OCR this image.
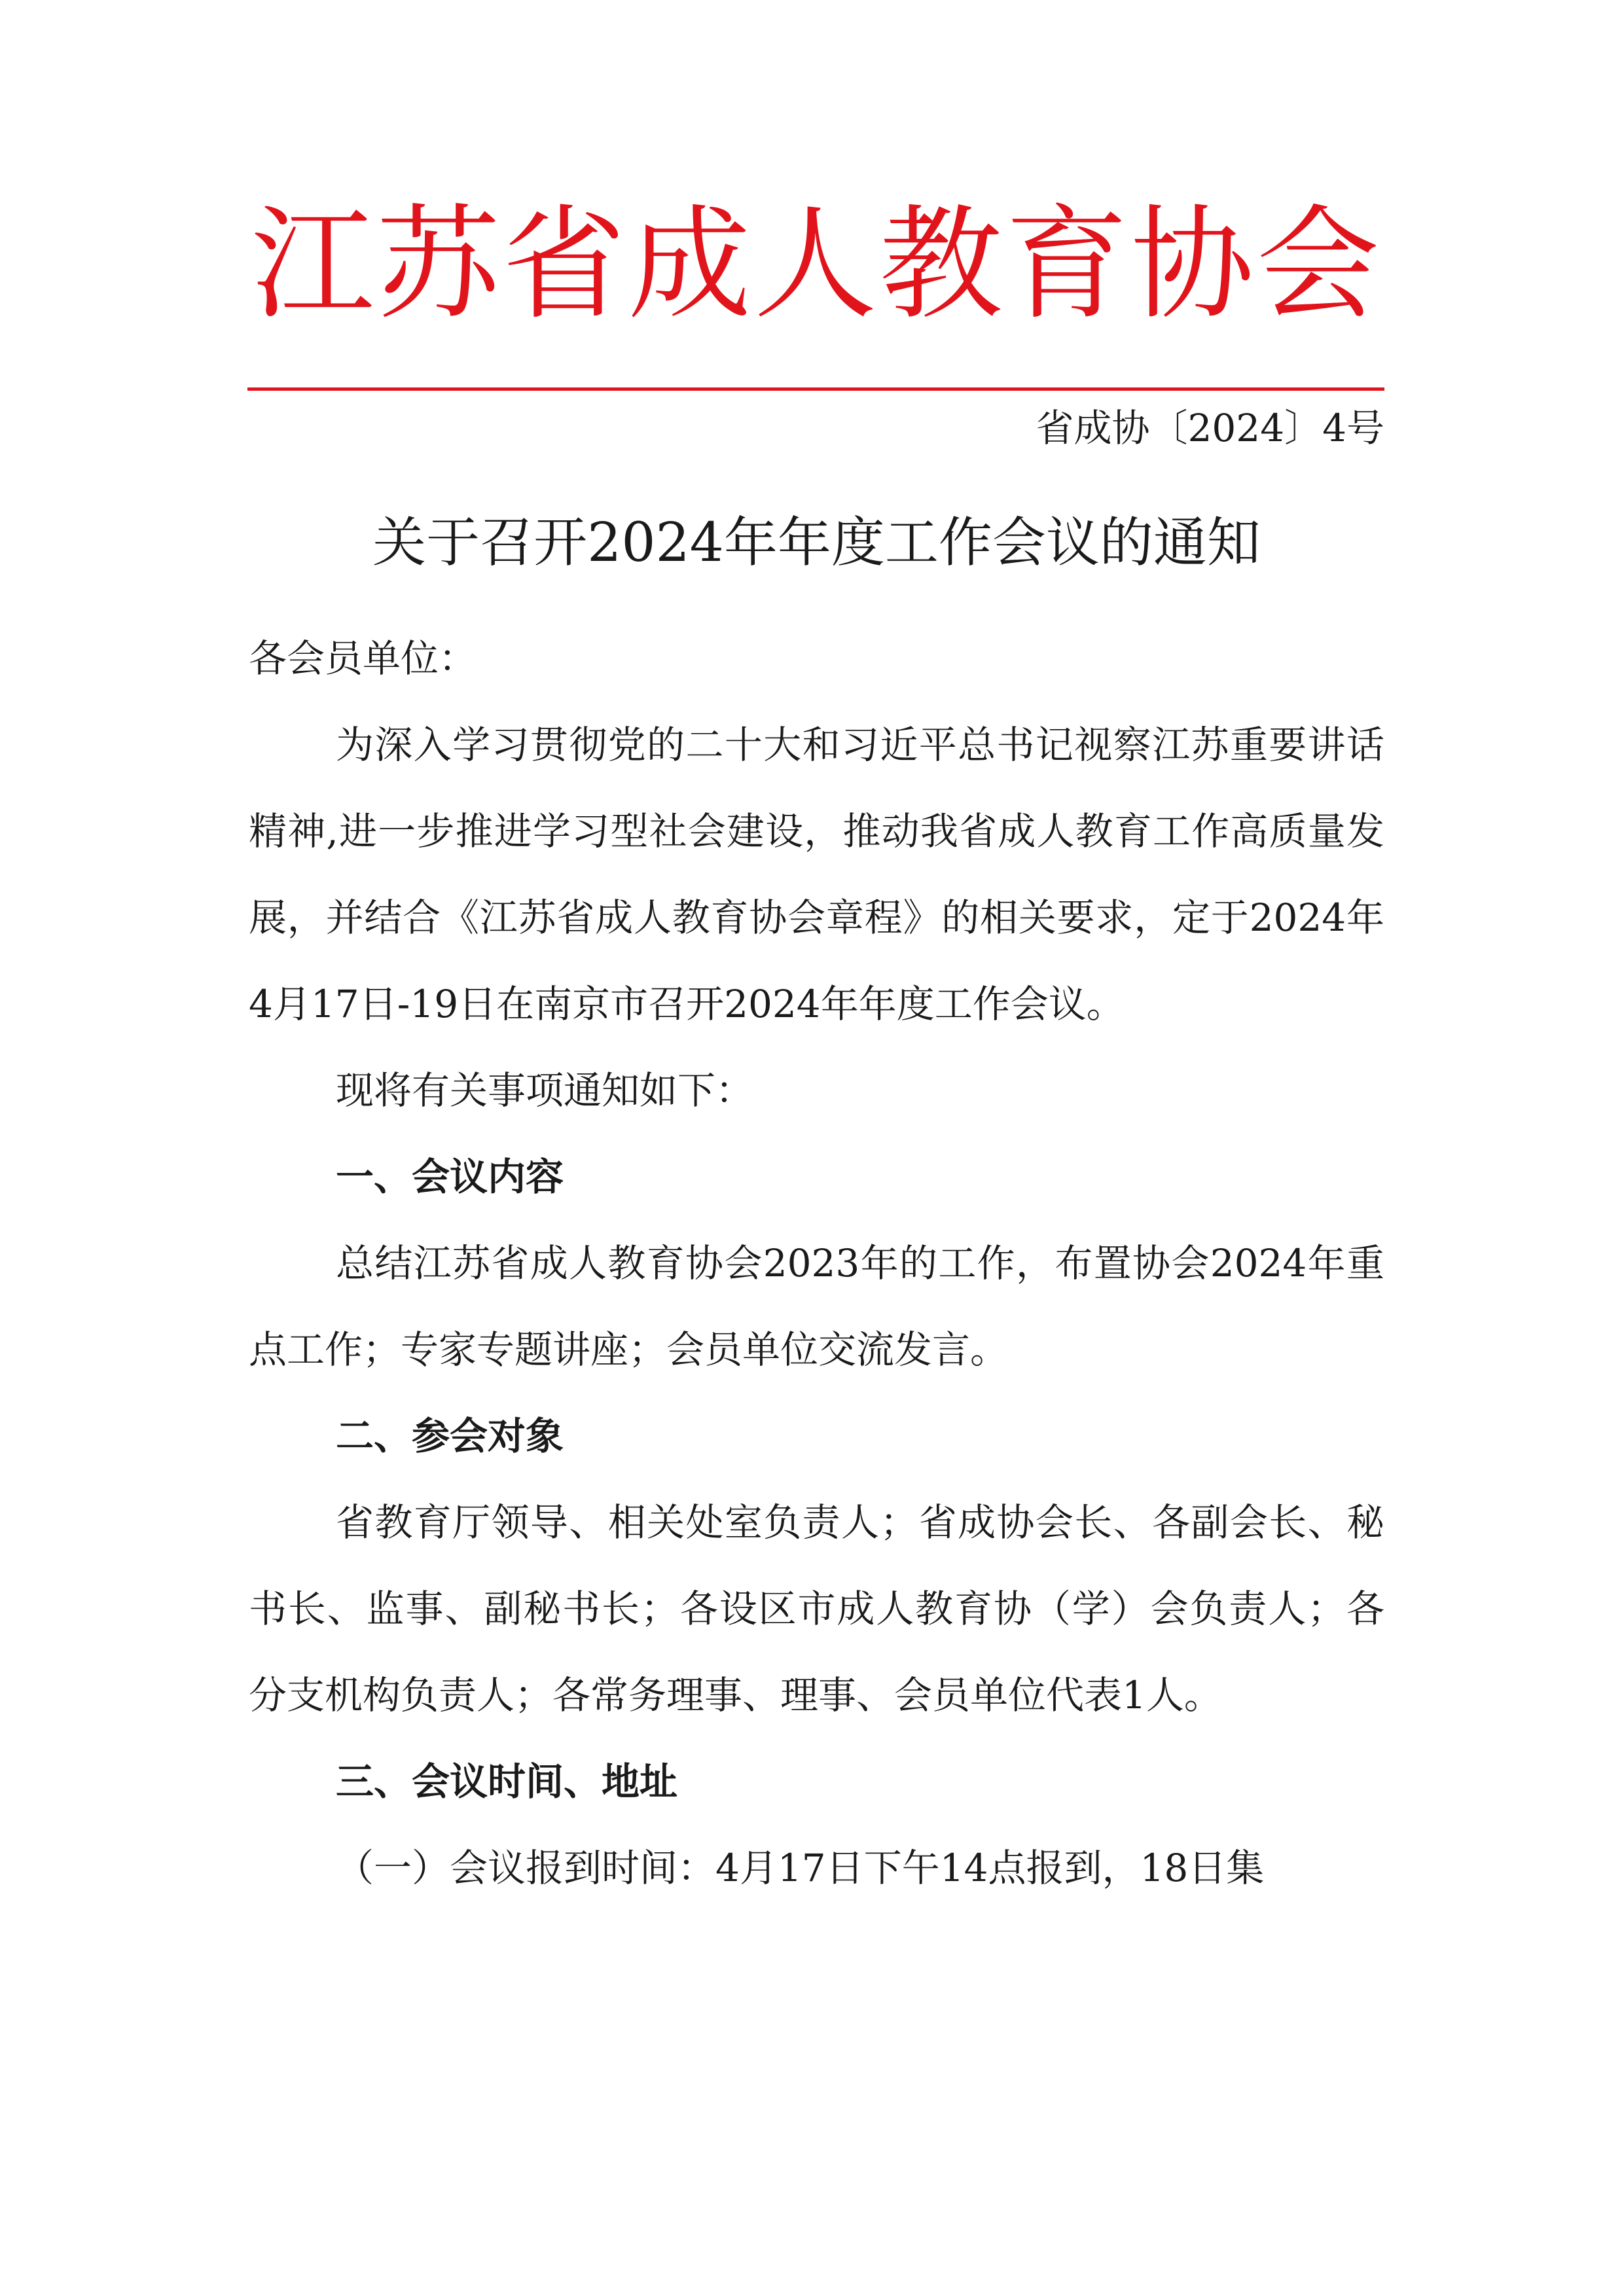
江苏省成人教育协会
省成协〔2024〕4号
关于召开2024年年度工作会议的通知

各会员单位：

为深入学习贯彻党的二十大和习近平总书记视察江苏重要讲话精神,进一步推进学习型社会建设，推动我省成人教育工作高质量发展，并结合《江苏省成人教育协会章程》的相关要求，定于2024年4月17日-19日在南京市召开2024年年度工作会议。

现将有关事项通知如下：

一、会议内容

总结江苏省成人教育协会2023年的工作，布置协会2024年重点工作；专家专题讲座；会员单位交流发言。

二、参会对象

省教育厅领导、相关处室负责人；省成协会长、各副会长、秘书长、监事、副秘书长；各设区市成人教育协（学）会负责人；各分支机构负责人；各常务理事、理事、会员单位代表1人。

三、会议时间、地址

（一）会议报到时间：4月17日下午14点报到，18日集
